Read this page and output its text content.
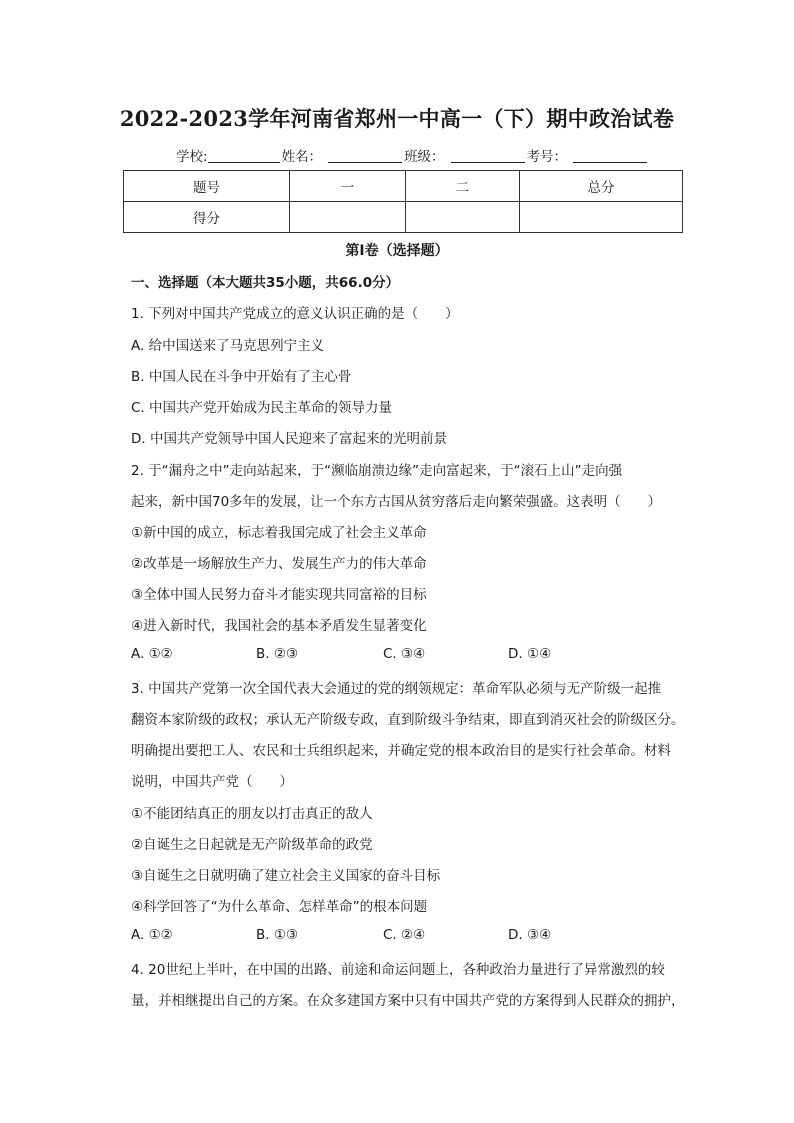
2022-2023学年河南省郑州一中高一（下）期中政治试卷
学校:	姓名：	班级：	考号：
题号	一	二	总分
得分			
第Ⅰ卷（选择题）
一、选择题（本大题共35小题，共66.0分）
1. 下列对中国共产党成立的意义认识正确的是（　　）
A. 给中国送来了马克思列宁主义
B. 中国人民在斗争中开始有了主心骨
C. 中国共产党开始成为民主革命的领导力量
D. 中国共产党领导中国人民迎来了富起来的光明前景
2. 于“漏舟之中”走向站起来，于“濒临崩溃边缘”走向富起来，于“滚石上山”走向强
起来，新中国70多年的发展，让一个东方古国从贫穷落后走向繁荣强盛。这表明（　　）
①新中国的成立，标志着我国完成了社会主义革命
②改革是一场解放生产力、发展生产力的伟大革命
③全体中国人民努力奋斗才能实现共同富裕的目标
④进入新时代，我国社会的基本矛盾发生显著变化
A. ①②	B. ②③	C. ③④	D. ①④
3. 中国共产党第一次全国代表大会通过的党的纲领规定：革命军队必须与无产阶级一起推
翻资本家阶级的政权；承认无产阶级专政，直到阶级斗争结束，即直到消灭社会的阶级区分。
明确提出要把工人、农民和士兵组织起来，并确定党的根本政治目的是实行社会革命。材料
说明，中国共产党（　　）
①不能团结真正的朋友以打击真正的敌人
②自诞生之日起就是无产阶级革命的政党
③自诞生之日就明确了建立社会主义国家的奋斗目标
④科学回答了“为什么革命、怎样革命”的根本问题
A. ①②	B. ①③	C. ②④	D. ③④
4. 20世纪上半叶，在中国的出路、前途和命运问题上，各种政治力量进行了异常激烈的较
量，并相继提出自己的方案。在众多建国方案中只有中国共产党的方案得到人民群众的拥护，
